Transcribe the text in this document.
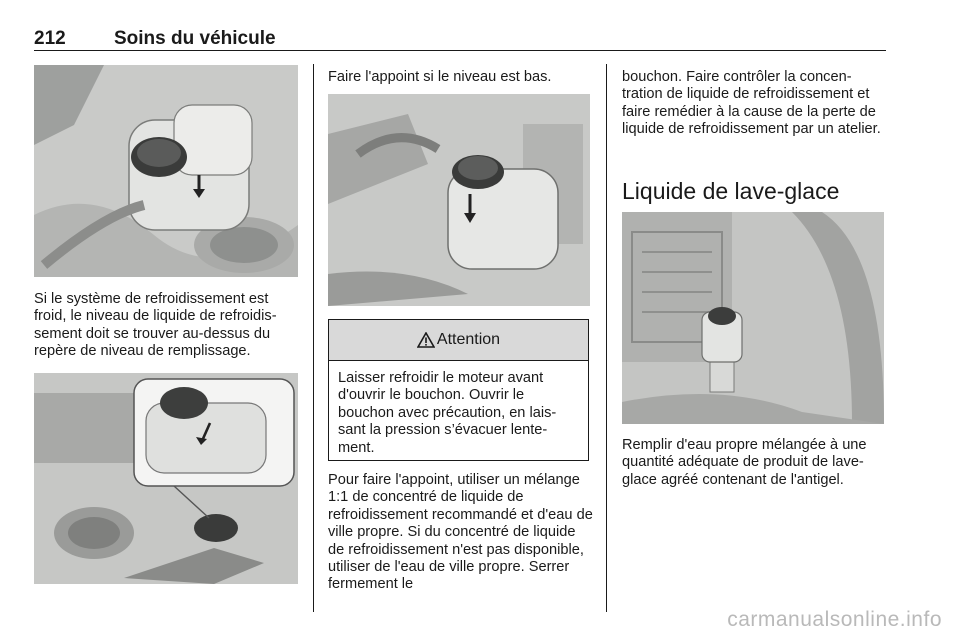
212	Soins du véhicule

Si le système de refroidissement est froid, le niveau de liquide de refroidis-sement doit se trouver au-dessus du repère de niveau de remplissage.

Faire l'appoint si le niveau est bas.

Attention
Laisser refroidir le moteur avant d'ouvrir le bouchon. Ouvrir le bouchon avec précaution, en lais-sant la pression s’évacuer lente-ment.

Pour faire l'appoint, utiliser un mélange 1:1 de concentré de liquide de refroidissement recommandé et d'eau de ville propre. Si du concentré de liquide de refroidissement n'est pas disponible, utiliser de l'eau de ville propre. Serrer fermement le

bouchon. Faire contrôler la concen-tration de liquide de refroidissement et faire remédier à la cause de la perte de liquide de refroidissement par un atelier.

Liquide de lave-glace

Remplir d'eau propre mélangée à une quantité adéquate de produit de lave-glace agréé contenant de l'antigel.

carmanualsonline.info
